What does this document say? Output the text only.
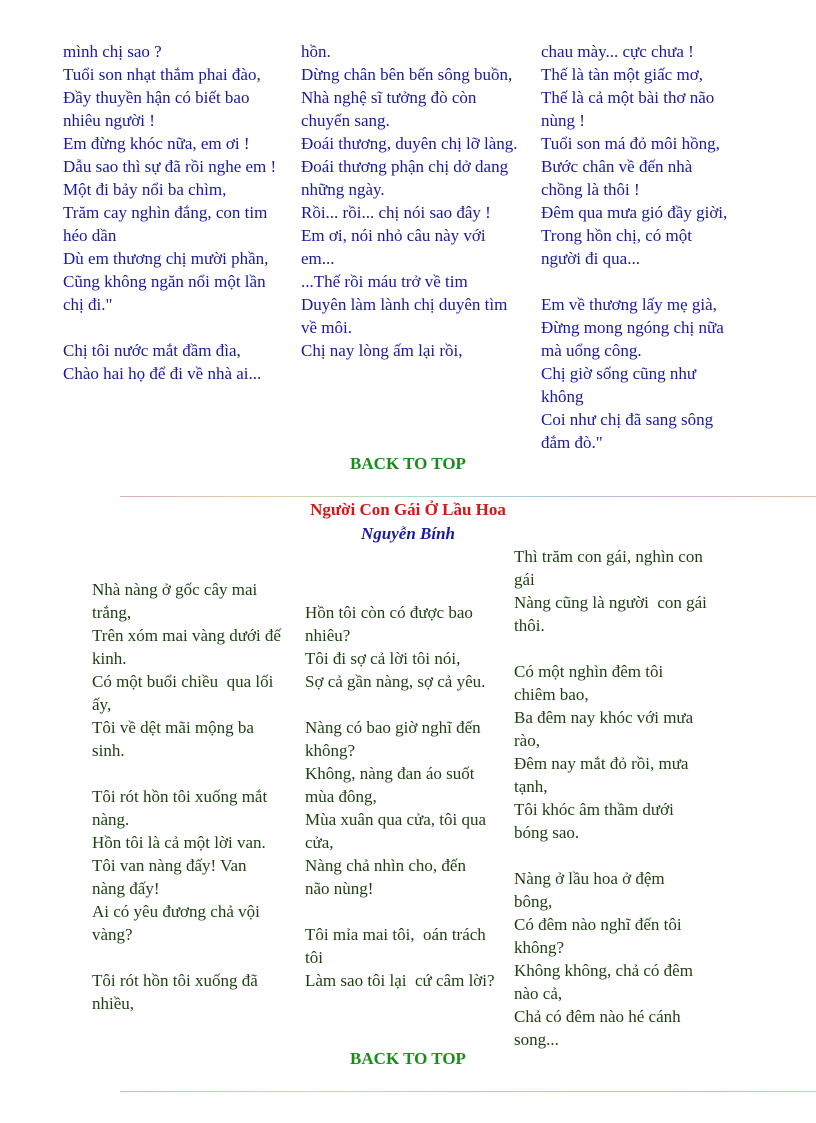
mình chị sao ?
Tuổi son nhạt thắm phai đào,
Đầy thuyền hận có biết bao
nhiêu người !
Em đừng khóc nữa, em ơi !
Dẫu sao thì sự đã rồi nghe em !
Một đi bảy nổi ba chìm,
Trăm cay nghìn đắng, con tim
héo dần
Dù em thương chị mười phần,
Cũng không ngăn nổi một lần
chị đi."

Chị tôi nước mắt đầm đìa,
Chào hai họ để đi về nhà ai...
hồn.
Dừng chân bên bến sông buồn,
Nhà nghệ sĩ tưởng đò còn
chuyến sang.
Đoái thương, duyên chị lỡ làng.
Đoái thương phận chị dở dang
những ngày.
Rồi... rồi... chị nói sao đây !
Em ơi, nói nhỏ câu này với
em...
...Thế rồi máu trở về tim
Duyên làm lành chị duyên tìm
về môi.
Chị nay lòng ấm lại rồi,
chau mày... cực chưa !
Thế là tàn một giấc mơ,
Thế là cả một bài thơ não
nùng !
Tuổi son má đỏ môi hồng,
Bước chân về đến nhà
chồng là thôi !
Đêm qua mưa gió đầy giời,
Trong hồn chị, có một
người đi qua...

Em về thương lấy mẹ già,
Đừng mong ngóng chị nữa
mà uổng công.
Chị giờ sống cũng như
không
Coi như chị đã sang sông
đắm đò."
BACK TO TOP
Người Con Gái Ở Lầu Hoa
Nguyễn Bính
Nhà nàng ở gốc cây mai
trắng,
Trên xóm mai vàng dưới đế
kinh.
Có một buổi chiều  qua lối
ấy,
Tôi về dệt mãi mộng ba
sinh.

Tôi rót hồn tôi xuống mắt
nàng.
Hồn tôi là cả một lời van.
Tôi van nàng đấy! Van
nàng đấy!
Ai có yêu đương chả vội
vàng?

Tôi rót hồn tôi xuống đã
nhiều,
Hồn tôi còn có được bao
nhiêu?
Tôi đi sợ cả lời tôi nói,
Sợ cả gần nàng, sợ cả yêu.

Nàng có bao giờ nghĩ đến
không?
Không, nàng đan áo suốt
mùa đông,
Mùa xuân qua cửa, tôi qua
cửa,
Nàng chả nhìn cho, đến
não nùng!

Tôi mỉa mai tôi,  oán trách
tôi
Làm sao tôi lại  cứ câm lời?
Thì trăm con gái, nghìn con
gái
Nàng cũng là người  con gái
thôi.

Có một nghìn đêm tôi
chiêm bao,
Ba đêm nay khóc với mưa
rào,
Đêm nay mắt đỏ rồi, mưa
tạnh,
Tôi khóc âm thầm dưới
bóng sao.

Nàng ở lầu hoa ở đệm
bông,
Có đêm nào nghĩ đến tôi
không?
Không không, chả có đêm
nào cả,
Chả có đêm nào hé cánh
song...
BACK TO TOP
